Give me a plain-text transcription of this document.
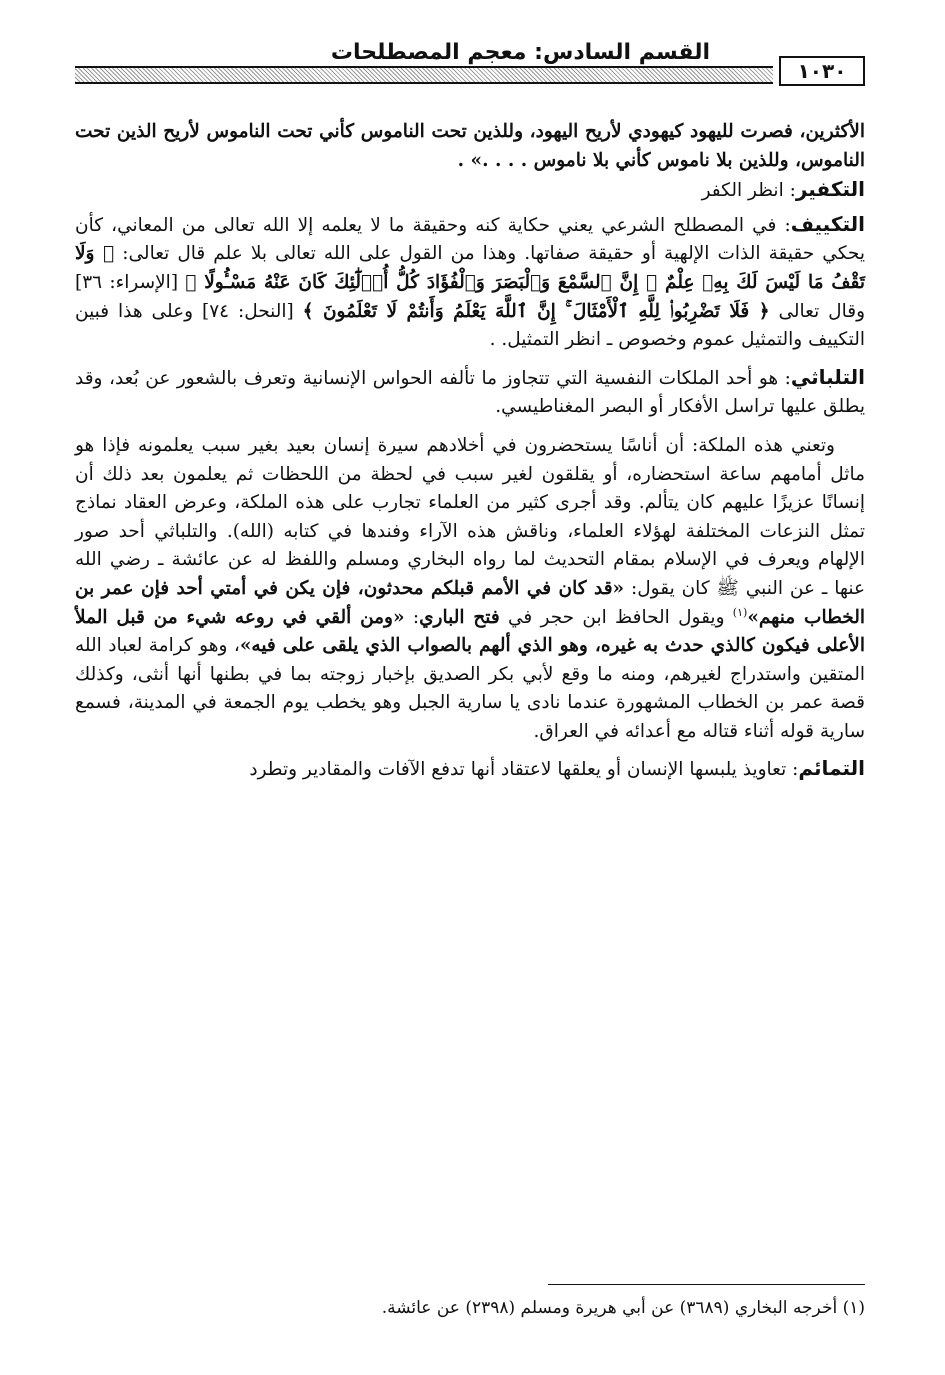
القسم السادس: معجم المصطلحات
١٠٣٠

الأكثرين، فصرت لليهود كيهودي لأريح اليهود، وللذين تحت الناموس كأني تحت الناموس لأريح الذين تحت الناموس، وللذين بلا ناموس كأني بلا ناموس . . . .» .

التكفير: انظر الكفر

التكييف: في المصطلح الشرعي يعني حكاية كنه وحقيقة ما لا يعلمه إلا الله تعالى من المعاني، كأن يحكي حقيقة الذات الإلهية أو حقيقة صفاتها. وهذا من القول على الله تعالى بلا علم قال تعالى: ﴿ وَلَا تَقْفُ مَا لَيْسَ لَكَ بِهِۦ عِلْمٌ ۚ إِنَّ ٱلسَّمْعَ وَٱلْبَصَرَ وَٱلْفُؤَادَ كُلُّ أُو۟لَٰٓئِكَ كَانَ عَنْهُ مَسْـُٔولًا ﴾ [الإسراء: ٣٦] وقال تعالى ﴿ فَلَا تَضْرِبُوا۟ لِلَّهِ ٱلْأَمْثَالَ ۚ إِنَّ ٱللَّهَ يَعْلَمُ وَأَنتُمْ لَا تَعْلَمُونَ ﴾ [النحل: ٧٤] وعلى هذا فبين التكييف والتمثيل عموم وخصوص ـ انظر التمثيل. .

التلباثي: هو أحد الملكات النفسية التي تتجاوز ما تألفه الحواس الإنسانية وتعرف بالشعور عن بُعد، وقد يطلق عليها تراسل الأفكار أو البصر المغناطيسي.

وتعني هذه الملكة: أن أناسًا يستحضرون في أخلادهم سيرة إنسان بعيد بغير سبب يعلمونه فإذا هو ماثل أمامهم ساعة استحضاره، أو يقلقون لغير سبب في لحظة من اللحظات ثم يعلمون بعد ذلك أن إنسانًا عزيزًا عليهم كان يتألم. وقد أجرى كثير من العلماء تجارب على هذه الملكة، وعرض العقاد نماذج تمثل النزعات المختلفة لهؤلاء العلماء، وناقش هذه الآراء وفندها في كتابه (الله). والتلباثي أحد صور الإلهام ويعرف في الإسلام بمقام التحديث لما رواه البخاري ومسلم واللفظ له عن عائشة ـ رضي الله عنها ـ عن النبي ﷺ كان يقول: «قد كان في الأمم قبلكم محدثون، فإن يكن في أمتي أحد فإن عمر بن الخطاب منهم»$^{(١)}$ ويقول الحافظ ابن حجر في فتح الباري: «ومن ألقي في روعه شيء من قبل الملأ الأعلى فيكون كالذي حدث به غيره، وهو الذي ألهم بالصواب الذي يلقى على فيه»، وهو كرامة لعباد الله المتقين واستدراج لغيرهم، ومنه ما وقع لأبي بكر الصديق بإخبار زوجته بما في بطنها أنها أنثى، وكذلك قصة عمر بن الخطاب المشهورة عندما نادى يا سارية الجبل وهو يخطب يوم الجمعة في المدينة، فسمع سارية قوله أثناء قتاله مع أعدائه في العراق.

التمائم: تعاويذ يلبسها الإنسان أو يعلقها لاعتقاد أنها تدفع الآفات والمقادير وتطرد

(١) أخرجه البخاري (٣٦٨٩) عن أبي هريرة ومسلم (٢٣٩٨) عن عائشة.
